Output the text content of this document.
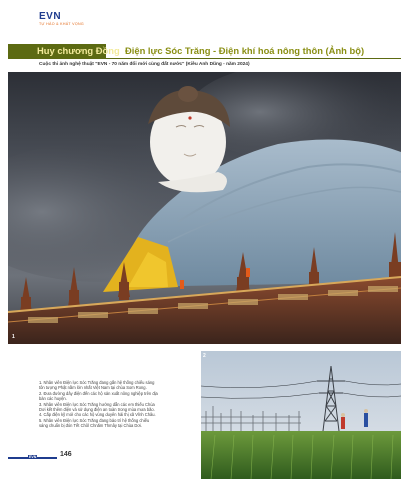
EVN
TỰ HÀO & KHÁT VỌNG
Huy chương Đồng Điện lực Sóc Trăng - Điện khí hoá nông thôn (Ảnh bộ)
Cuộc thi ảnh nghệ thuật "EVN - 70 năm đổi mới cùng đất nước" (Kiều Anh Dũng - năm 2024)
1
2
1. Nhân viên Điện lực Sóc Trăng đang gắn hệ thống chiếu sáng
tôn tượng Phật nằm lớn nhất Việt Nam tại chùa Som Rong.
2. Đưa đường dây điện đến các hộ sản xuất nông nghiệp trên địa
bàn các huyện.
3. Nhân viên Điện lực Sóc Trăng hướng dẫn các em thiếu Chùa
Dơi kết thêm điện và sử dụng điện an toàn trong mùa mưa bão.
4. Cấp điện kỹ mới cho các hộ vùng duyên hải thị xã Vĩnh Châu.
5. Nhân viên Điện lực Sóc Trăng đang bảo trì hệ thống chiếu
sáng chuẩn bị đón Tết Chôl Chnăm Thmây tại Chùa Dơi.
EVN	146
